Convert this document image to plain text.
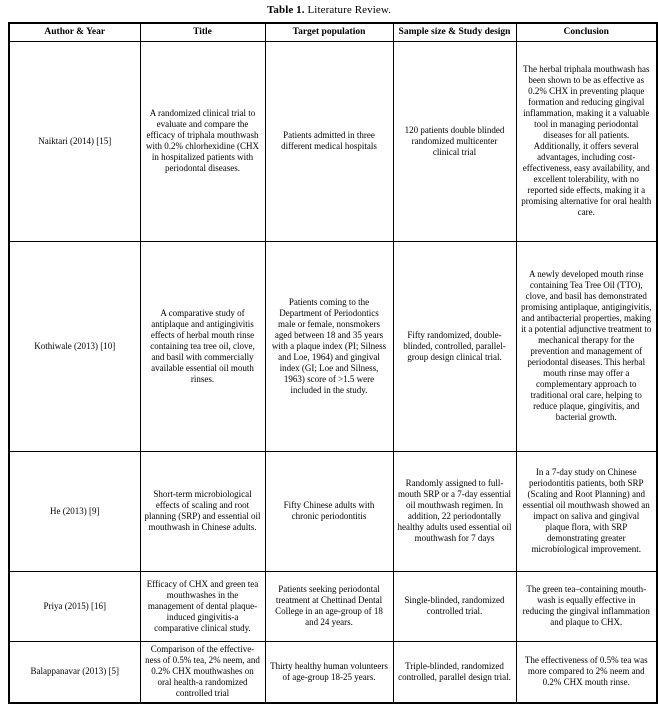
Table 1. Literature Review.
Author & Year	Title	Target population	Sample size & Study design	Conclusion
Naiktari (2014) [15]	A randomized clinical trial to evaluate and compare the efficacy of triphala mouthwash with 0.2% chlorhexidine (CHX in hospitalized patients with periodontal diseases.	Patients admitted in three different medical hospitals	120 patients double blinded randomized multicenter clinical trial	The herbal triphala mouthwash has been shown to be as effective as 0.2% CHX in preventing plaque formation and reducing gingival inflammation, making it a valuable tool in managing periodontal diseases for all patients. Additionally, it offers several advantages, including cost-effectiveness, easy availability, and excellent tolerability, with no reported side effects, making it a promising alternative for oral health care.
Kothiwale (2013) [10]	A comparative study of antiplaque and antigingivitis effects of herbal mouth rinse containing tea tree oil, clove, and basil with commercially available essential oil mouth rinses.	Patients coming to the Department of Periodontics male or female, nonsmokers aged between 18 and 35 years with a plaque index (PI; Silness and Loe, 1964) and gingival index (GI; Loe and Silness, 1963) score of >1.5 were included in the study.	Fifty randomized, double-blinded, controlled, parallel-group design clinical trial.	A newly developed mouth rinse containing Tea Tree Oil (TTO), clove, and basil has demonstrated promising antiplaque, antigingivitis, and antibacterial properties, making it a potential adjunctive treatment to mechanical therapy for the prevention and management of periodontal diseases. This herbal mouth rinse may offer a complementary approach to traditional oral care, helping to reduce plaque, gingivitis, and bacterial growth.
He (2013) [9]	Short-term microbiological effects of scaling and root planning (SRP) and essential oil mouthwash in Chinese adults.	Fifty Chinese adults with chronic periodontitis	Randomly assigned to full-mouth SRP or a 7-day essential oil mouthwash regimen. In addition, 22 periodontally healthy adults used essential oil mouthwash for 7 days	In a 7-day study on Chinese periodontitis patients, both SRP (Scaling and Root Planning) and essential oil mouthwash showed an impact on saliva and gingival plaque flora, with SRP demonstrating greater microbiological improvement.
Priya (2015) [16]	Efficacy of CHX and green tea mouthwashes in the management of dental plaque-induced gingivitis-a comparative clinical study.	Patients seeking periodontal treatment at Chettinad Dental College in an age-group of 18 and 24 years.	Single-blinded, randomized controlled trial.	The green tea–containing mouth- wash is equally effective in reducing the gingival inflammation and plaque to CHX.
Balappanavar (2013) [5]	Comparison of the effective-ness of 0.5% tea, 2% neem, and 0.2% CHX mouthwashes on oral health-a randomized controlled trial	Thirty healthy human volunteers of age-group 18-25 years.	Triple-blinded, randomized controlled, parallel design trial.	The effectiveness of 0.5% tea was more compared to 2% neem and 0.2% CHX mouth rinse.
